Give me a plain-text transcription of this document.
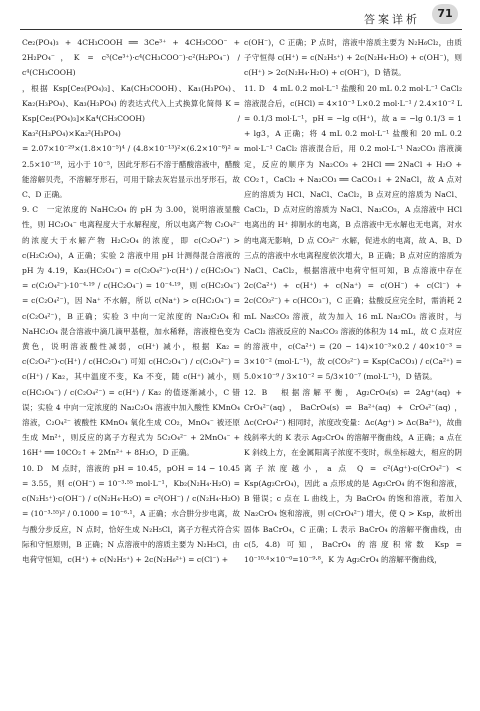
答案详析	71

Ce₂(PO₄)₃ + 4CH₃COOH ══ 3Ce³⁺ + 4CH₃COO⁻ + 2H₂PO₄⁻，K = c³(Ce³⁺)·c⁴(CH₃COO⁻)·c²(H₂PO₄⁻) / c⁴(CH₃COOH)

，根据 Ksp[Ce₂(PO₄)₃]、Ka(CH₃COOH)、Ka₁(H₃PO₄)、Ka₂(H₃PO₄)、Ka₃(H₃PO₄) 的表达式代入上式换算化简得 K = Ksp[Ce₂(PO₄)₃]×Ka⁴(CH₃COOH) / Ka₃²(H₃PO₄)×Ka₂²(H₃PO₄)

= 2.07×10⁻²⁹×(1.8×10⁻⁵)⁴ / (4.8×10⁻¹³)²×(6.2×10⁻⁸)² ≈ 2.5×10⁻¹⁸，远小于 10⁻⁵，因此牙形石不溶于醋酸溶液中，醋酸能溶解贝壳，不溶解牙形石，可用于除去灰岩显示出牙形石，故 C、D 正确。

9. C　一定浓度的 NaHC₂O₄ 的 pH 为 3.00，说明溶液显酸性，则 HC₂O₄⁻ 电离程度大于水解程度，所以电离产物 C₂O₄²⁻ 的浓度大于水解产物 H₂C₂O₄ 的浓度，即 c(C₂O₄²⁻) > c(H₂C₂O₄)，A 正确；实验 2 溶液中用 pH 计测得混合溶液的 pH 为 4.19，Ka₂(HC₂O₄⁻) = c(C₂O₄²⁻)·c(H⁺) / c(HC₂O₄⁻) = c(C₂O₄²⁻)·10⁻⁴·¹⁹ / c(HC₂O₄⁻) = 10⁻⁴·¹⁹，则 c(HC₂O₄⁻) = c(C₂O₄²⁻)，因 Na⁺ 不水解，所以 c(Na⁺) > c(HC₂O₄⁻) = c(C₂O₄²⁻)，B 正确；实验 3 中向一定浓度的 Na₂C₂O₄ 和 NaHC₂O₄ 混合溶液中滴几滴甲基橙，加水稀释，溶液橙色变为黄色，说明溶液酸性减弱，c(H⁺) 减小，根据 Ka₂ = c(C₂O₄²⁻)·c(H⁺) / c(HC₂O₄⁻) 可知 c(HC₂O₄⁻) / c(C₂O₄²⁻) = c(H⁺) / Ka₂，其中温度不变，Ka 不变，随 c(H⁺) 减小，则 c(HC₂O₄⁻) / c(C₂O₄²⁻) = c(H⁺) / Ka₂ 的值逐渐减小，C 错误；实验 4 中向一定浓度的 Na₂C₂O₄ 溶液中加入酸性 KMnO₄ 溶液，C₂O₄²⁻ 被酸性 KMnO₄ 氧化生成 CO₂，MnO₄⁻ 被还原生成 Mn²⁺，则反应的离子方程式为 5C₂O₄²⁻ + 2MnO₄⁻ + 16H⁺ ══ 10CO₂↑ + 2Mn²⁺ + 8H₂O，D 正确。

10. D　M 点时，溶液的 pH = 10.45，pOH = 14 − 10.45 = 3.55，则 c(OH⁻) = 10⁻³·⁵⁵ mol·L⁻¹，Kb₂(N₂H₄·H₂O) = c(N₂H₅⁺)·c(OH⁻) / c(N₂H₄·H₂O) = c²(OH⁻) / c(N₂H₄·H₂O) = (10⁻³·⁵⁵)² / 0.1000 = 10⁻⁶·¹，A 正确；水合肼分步电离，故与酸分步反应，N 点时，恰好生成 N₂H₅Cl，离子方程式符合实际和守恒原则，B 正确；N 点溶液中的溶质主要为 N₂H₅Cl，由电荷守恒知，c(H⁺) + c(N₂H₅⁺) + 2c(N₂H₆²⁺) = c(Cl⁻) +

c(OH⁻)，C 正确；P 点时，溶液中溶质主要为 N₂H₆Cl₂，由质子守恒得 c(H⁺) = c(N₂H₅⁺) + 2c(N₂H₄·H₂O) + c(OH⁻)，则 c(H⁺) > 2c(N₂H₄·H₂O) + c(OH⁻)，D 错误。

11. D　4 mL 0.2 mol·L⁻¹ 盐酸和 20 mL 0.2 mol·L⁻¹ CaCl₂ 溶液混合后，c(HCl) = 4×10⁻³ L×0.2 mol·L⁻¹ / 2.4×10⁻² L = 0.1/3 mol·L⁻¹，pH = −lg c(H⁺)，故 a = −lg 0.1/3 = 1 + lg3，A 正确；将 4 mL 0.2 mol·L⁻¹ 盐酸和 20 mL 0.2 mol·L⁻¹ CaCl₂ 溶液混合后，用 0.2 mol·L⁻¹ Na₂CO₃ 溶液滴定，反应的顺序为 Na₂CO₃ + 2HCl ══ 2NaCl + H₂O + CO₂↑，CaCl₂ + Na₂CO₃ ══ CaCO₃↓ + 2NaCl，故 A 点对应的溶质为 HCl、NaCl、CaCl₂，B 点对应的溶质为 NaCl、CaCl₂，D 点对应的溶质为 NaCl、Na₂CO₃，A 点溶液中 HCl 电离出的 H⁺ 抑制水的电离，B 点溶液中无水解也无电离，对水的电离无影响，D 点 CO₃²⁻ 水解，促进水的电离，故 A、B、D 三点的溶液中水电离程度依次增大，B 正确；B 点对应的溶质为 NaCl、CaCl₂，根据溶液中电荷守恒可知，B 点溶液中存在 2c(Ca²⁺) + c(H⁺) + c(Na⁺) = c(OH⁻) + c(Cl⁻) + 2c(CO₃²⁻) + c(HCO₃⁻)，C 正确；盐酸反应完全时，需消耗 2 mL Na₂CO₃ 溶液，故为加入 16 mL Na₂CO₃ 溶液时，与 CaCl₂ 溶液反应的 Na₂CO₃ 溶液的体积为 14 mL，故 C 点对应的溶液中，c(Ca²⁺) = (20 − 14)×10⁻³×0.2 / 40×10⁻³ = 3×10⁻² (mol·L⁻¹)，故 c(CO₃²⁻) = Ksp(CaCO₃) / c(Ca²⁺) = 5.0×10⁻⁹ / 3×10⁻² = 5/3×10⁻⁷ (mol·L⁻¹)，D 错误。

12. B　根据溶解平衡，Ag₂CrO₄(s) ⇌ 2Ag⁺(aq) + CrO₄²⁻(aq)，BaCrO₄(s) ⇌ Ba²⁺(aq) + CrO₄²⁻(aq)，Δc(CrO₄²⁻) 相同时，浓度改变量：Δc(Ag⁺) > Δc(Ba²⁺)，故曲线斜率大的 K 表示 Ag₂CrO₄ 的溶解平衡曲线，A 正确；a 点在 K 斜线上方，在金属阳离子浓度不变时，纵坐标越大，相应的阴离子浓度越小，a 点 Q = c²(Ag⁺)·c(CrO₄²⁻) < Ksp(Ag₂CrO₄)，因此 a 点形成的是 Ag₂CrO₄ 的不饱和溶液，B 错误；c 点在 L 曲线上，为 BaCrO₄ 的饱和溶液，若加入 Na₂CrO₄ 饱和溶液，则 c(CrO₄²⁻) 增大，使 Q > Ksp，故析出固体 BaCrO₄，C 正确；L 表示 BaCrO₄ 的溶解平衡曲线，由 c(5, 4.8) 可知，BaCrO₄ 的溶度积常数 Ksp = 10⁻¹⁰·⁴×10⁻⁰=10⁻⁹·⁸，K 为 Ag₂CrO₄ 的溶解平衡曲线，
